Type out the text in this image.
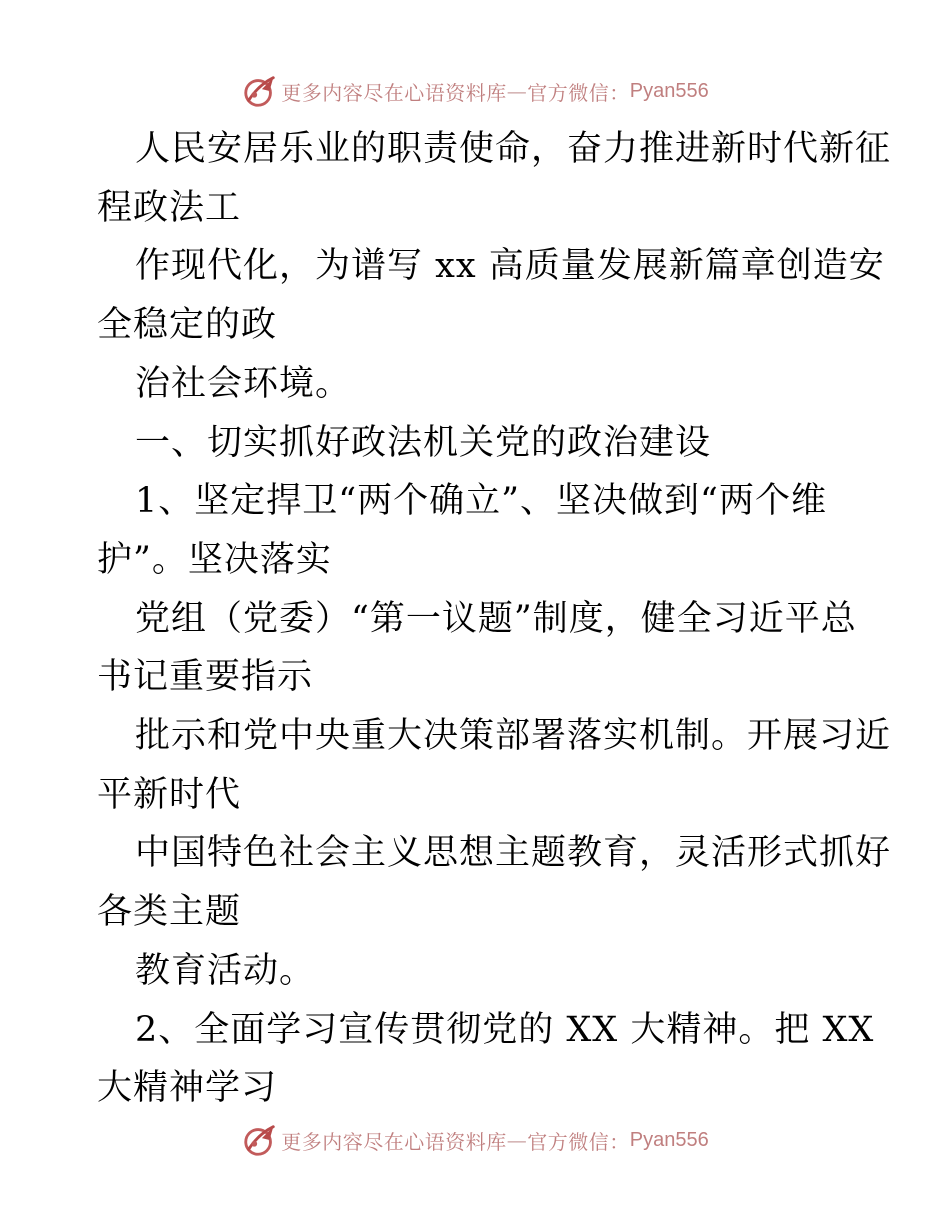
更多内容尽在心语资料库 — 官方微信： Pyan556
人民安居乐业的职责使命，奋力推进新时代新征
程政法工
作现代化，为谱写 xx 高质量发展新篇章创造安
全稳定的政
治社会环境。
一、切实抓好政法机关党的政治建设
1、坚定捍卫“两个确立”、坚决做到“两个维
护”。坚决落实
党组（党委）“第一议题”制度，健全习近平总
书记重要指示
批示和党中央重大决策部署落实机制。开展习近
平新时代
中国特色社会主义思想主题教育，灵活形式抓好
各类主题
教育活动。
2、全面学习宣传贯彻党的 XX 大精神。把 XX
大精神学习
更多内容尽在心语资料库 — 官方微信： Pyan556
